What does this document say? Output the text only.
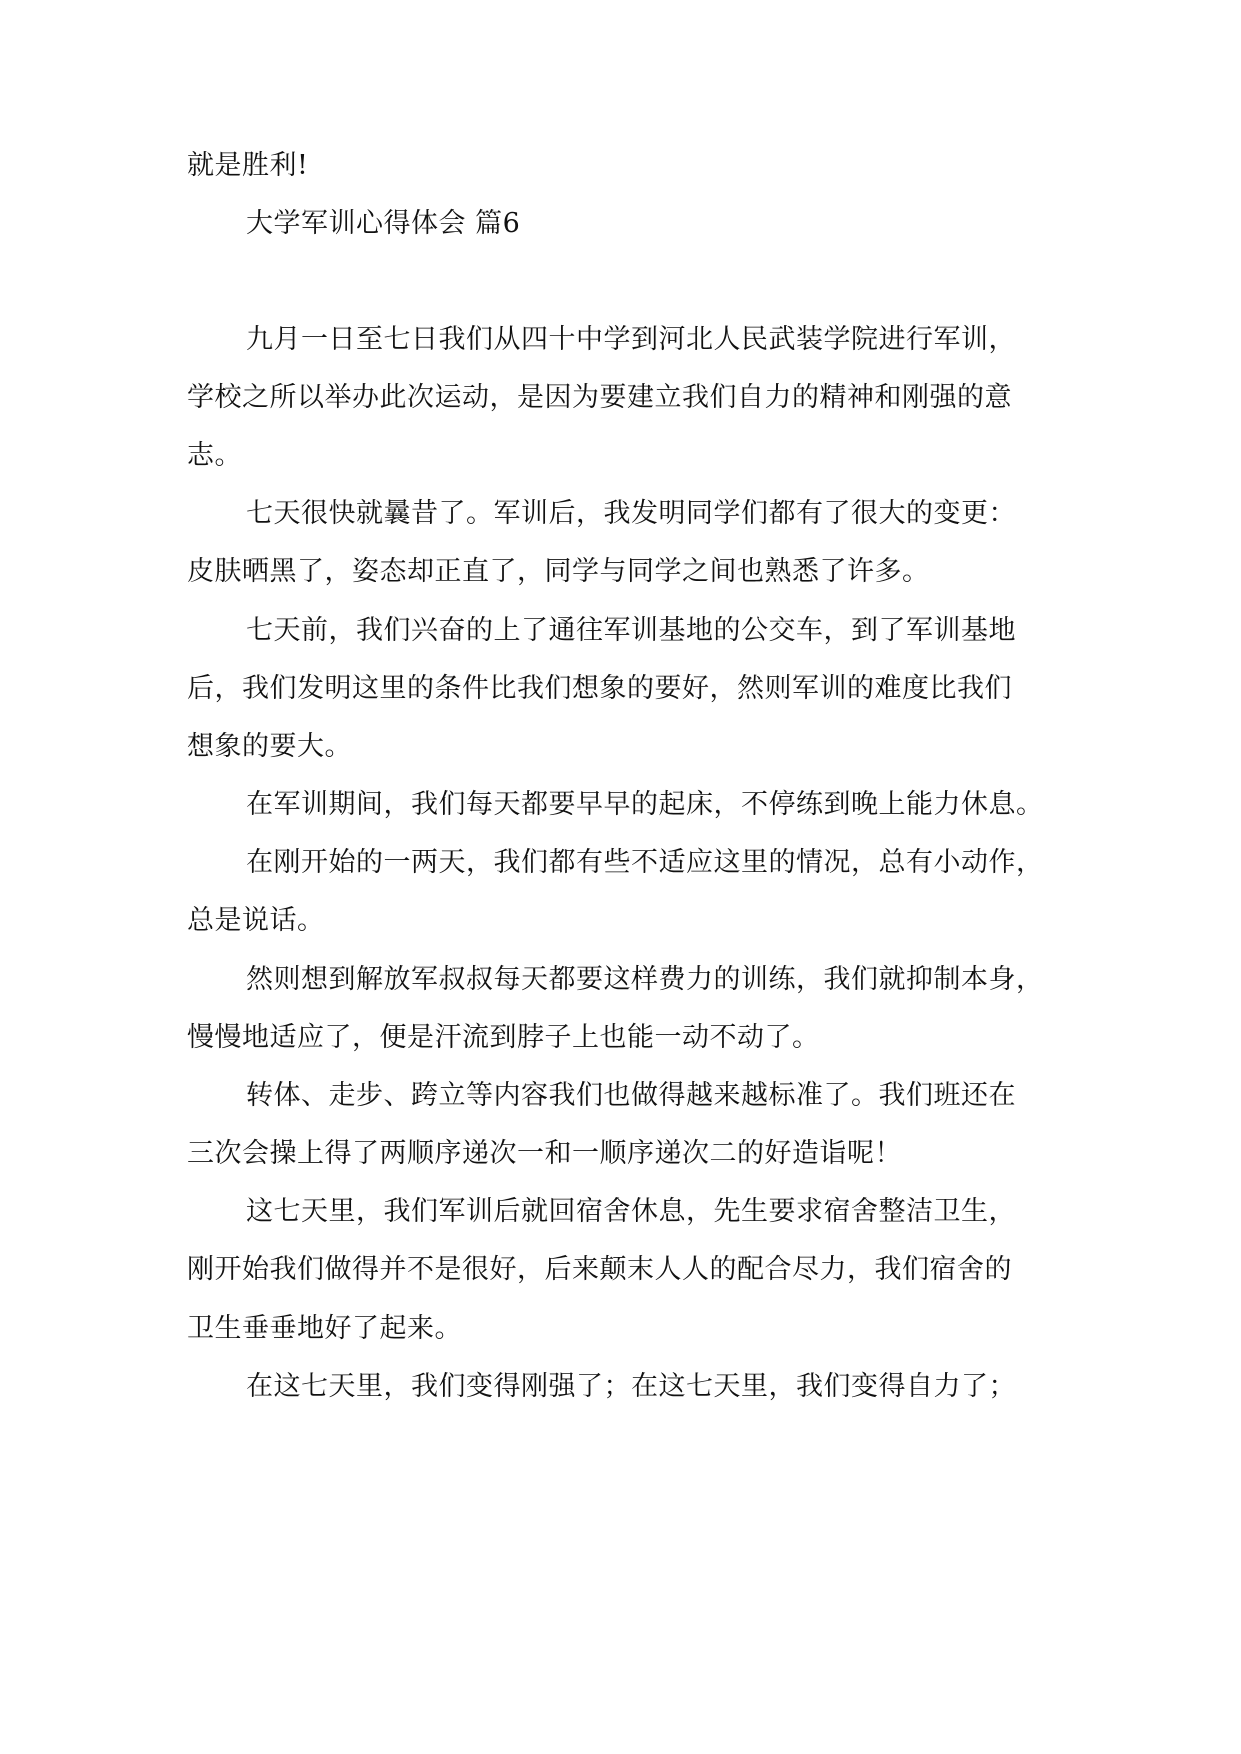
就是胜利!
大学军训心得体会 篇6
九月一日至七日我们从四十中学到河北人民武装学院进行军训，
学校之所以举办此次运动，是因为要建立我们自力的精神和刚强的意
志。
七天很快就曩昔了。军训后，我发明同学们都有了很大的变更：
皮肤晒黑了，姿态却正直了，同学与同学之间也熟悉了许多。
七天前，我们兴奋的上了通往军训基地的公交车，到了军训基地
后，我们发明这里的条件比我们想象的要好，然则军训的难度比我们
想象的要大。
在军训期间，我们每天都要早早的起床，不停练到晚上能力休息。
在刚开始的一两天，我们都有些不适应这里的情况，总有小动作，
总是说话。
然则想到解放军叔叔每天都要这样费力的训练，我们就抑制本身，
慢慢地适应了，便是汗流到脖子上也能一动不动了。
转体、走步、跨立等内容我们也做得越来越标准了。我们班还在
三次会操上得了两顺序递次一和一顺序递次二的好造诣呢！
这七天里，我们军训后就回宿舍休息，先生要求宿舍整洁卫生，
刚开始我们做得并不是很好，后来颠末人人的配合尽力，我们宿舍的
卫生垂垂地好了起来。
在这七天里，我们变得刚强了；在这七天里，我们变得自力了；
